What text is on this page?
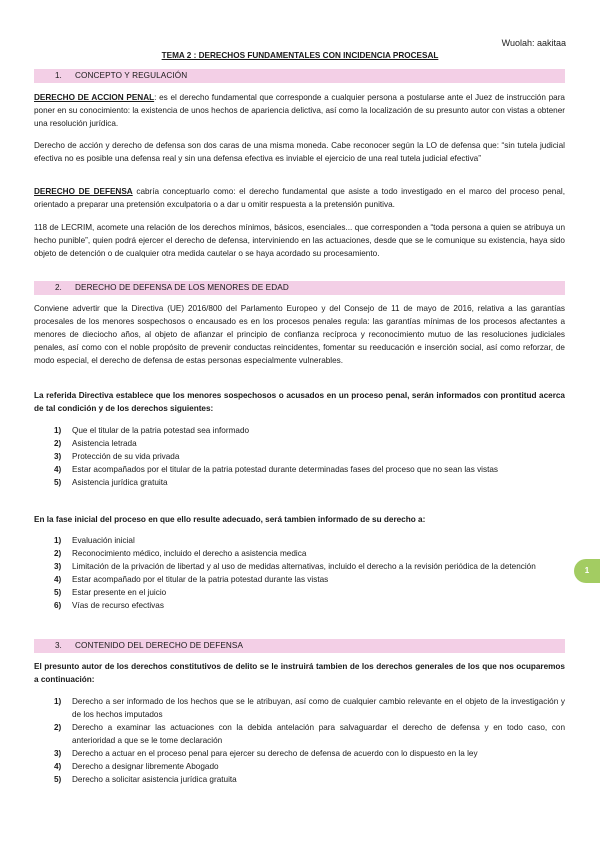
Wuolah: aakitaa
TEMA 2 : DERECHOS FUNDAMENTALES CON INCIDENCIA PROCESAL
1. CONCEPTO Y REGULACIÓN

DERECHO DE ACCION PENAL: es el derecho fundamental que corresponde a cualquier persona a postularse ante el Juez de instrucción para poner en su conocimiento: la existencia de unos hechos de apariencia delictiva, así como la localización de su presunto autor con vistas a obtener una resolución jurídica.

Derecho de acción y derecho de defensa son dos caras de una misma moneda. Cabe reconocer según la LO de defensa que: “sin tutela judicial efectiva no es posible una defensa real y sin una defensa efectiva es inviable el ejercicio de una real tutela judicial efectiva”

DERECHO DE DEFENSA cabría conceptuarlo como: el derecho fundamental que asiste a todo investigado en el marco del proceso penal, orientado a preparar una pretensión exculpatoria o a dar u omitir respuesta a la pretensión punitiva.

118 de LECRIM, acomete una relación de los derechos mínimos, básicos, esenciales... que corresponden a “toda persona a quien se atribuya un hecho punible”, quien podrá ejercer el derecho de defensa, interviniendo en las actuaciones, desde que se le comunique su existencia, haya sido objeto de detención o de cualquier otra medida cautelar o se haya acordado su procesamiento.

2. DERECHO DE DEFENSA DE LOS MENORES DE EDAD

Conviene advertir que la Directiva (UE) 2016/800 del Parlamento Europeo y del Consejo de 11 de mayo de 2016, relativa a las garantías procesales de los menores sospechosos o encausado es en los procesos penales regula: las garantías mínimas de los procesos afectantes a menores de dieciocho años, al objeto de afianzar el principio de confianza recíproca y reconocimiento mutuo de las resoluciones judiciales penales, así como con el noble propósito de prevenir conductas reincidentes, fomentar su reeducación e inserción social, así como reforzar, de modo especial, el derecho de defensa de estas personas especialmente vulnerables.

La referida Directiva establece que los menores sospechosos o acusados en un proceso penal, serán informados con prontitud acerca de tal condición y de los derechos siguientes:

1) Que el titular de la patria potestad sea informado
2) Asistencia letrada
3) Protección de su vida privada
4) Estar acompañados por el titular de la patria potestad durante determinadas fases del proceso que no sean las vistas
5) Asistencia jurídica gratuita

En la fase inicial del proceso en que ello resulte adecuado, será tambien informado de su derecho a:

1) Evaluación inicial
2) Reconocimiento médico, incluido el derecho a asistencia medica
3) Limitación de la privación de libertad y al uso de medidas alternativas, incluido el derecho a la revisión periódica de la detención
4) Estar acompañado por el titular de la patria potestad durante las vistas
5) Estar presente en el juicio
6) Vías de recurso efectivas
3. CONTENIDO DEL DERECHO DE DEFENSA

El presunto autor de los derechos constitutivos de delito se le instruirá tambien de los derechos generales de los que nos ocuparemos a continuación:

1) Derecho a ser informado de los hechos que se le atribuyan, así como de cualquier cambio relevante en el objeto de la investigación y de los hechos imputados
2) Derecho a examinar las actuaciones con la debida antelación para salvaguardar el derecho de defensa y en todo caso, con anterioridad a que se le tome declaración
3) Derecho a actuar en el proceso penal para ejercer su derecho de defensa de acuerdo con lo dispuesto en la ley
4) Derecho a designar libremente Abogado
5) Derecho a solicitar asistencia jurídica gratuita
1
